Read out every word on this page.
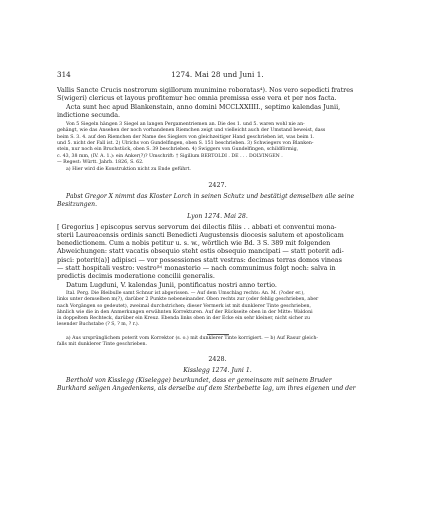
314	1274. Mai 28 und Juni 1.

Vallis Sancte Crucis nostrorum sigillorum munimine roboratas⁴). Nos vero sepedicti fratres

S(wigeri) clericus et layous profitemur hec omnia premissa esse vera et per nos facta.

Acta sunt hec apud Blankenstain, anno domini MCCLXXIIII., septimo kalendas Junii,

indictione secunda.

Von 5 Siegeln hängen 3 Siegel an langen Pergamentriemen an. Die des 1. und 5. waren wohl nie an-

gehängt, wie das Ansehen der noch vorhandenen Riemchen zeigt und vielleicht auch der Umstand beweist, dass

beim S. 3. 4. auf den Riemchen der Name des Sieglers von gleichzeitiger Hand geschrieben ist, was beim 1.

und 5. nicht der Fall ist. 2) Ulrichs von Gundelfingen, oben S. 151 beschrieben. 3) Schwiegers von Blanken-

stein, nur noch ein Bruchstück, oben S. 39 beschrieben. 4) Swiggers von Gundelfingen, schildförmig,

c. 43, 38 mm, (IV. A. 1.): ein Anker(?)? Umschrift: † Sigillum BERTOLDI . DE . . . DOLVINGEN .

— Regest: Württ. Jahrb. 1826, S. 62.

a) Hier wird die Konstruktion nicht zu Ende geführt.

2427.

Pabst Gregor X nimmt das Kloster Lorch in seinen Schutz und bestätigt demselben alle seine

Besitzungen.

Lyon 1274. Mai 28.

[ Gregorius ] episcopus servus servorum dei dilectis filiis . . abbati et conventui mona-

sterii Laureacensis ordinis sancti Benedicti Augustensis diocesis salutem et apostolicam

benedictionem. Cum a nobis petitur u. s. w., wörtlich wie Bd. 3 S. 389 mit folgenden

Abweichungen: statt vacatis obsequio steht estis obsequio mancipati — statt poterit adi-

pisci: poterit(a)] adipisci — vor possessiones statt vestras: decimas terras domos vineas

— statt hospitali vestro: vestro⁽ᵇ⁾ monasterio — nach communimus folgt noch: salva in

predictis decimis moderatione concilii generalis.

Datum Lugduni, V. kalendas Junii, pontificatus nostri anno tertio.

Ital. Perg. Die Bleibulle samt Schnur ist abgerissen. — Auf dem Umschlag rechts: An. M. (?oder er.),

links unter demselben m(?), darüber 2 Punkte nebeneinander. Oben rechts zur (oder fehlig geschrieben, aber

nach Vorgängen so gedeutet), zweimal durchstrichen; dieser Vermerk ist mit dunklerer Tinte geschrieben,

ähnlich wie die in den Anmerkungen erwähnten Korrekturen. Auf der Rückseite oben in der Mitte: Waldoni

in doppeltem Rechteck, darüber ein Kreuz. Ebenda links oben in der Ecke ein sehr kleiner, nicht sicher zu

lesender Buchstabe (? S, ? m, ? r.).

a) Aus ursprünglichem poterit vom Korrektor (s. o.) mit dunklerer Tinte korrigiert. — b) Auf Rasur gleich-

falls mit dunklerer Tinte geschrieben.

2428.
Kisslegg 1274. Juni 1.

Berthold von Kisslegg (Kiselegge) beurkundet, dass er gemeinsam mit seinem Bruder

Burkhard seligen Angedenkens, als derselbe auf dem Sterbebette lag, um ihres eigenen und der
